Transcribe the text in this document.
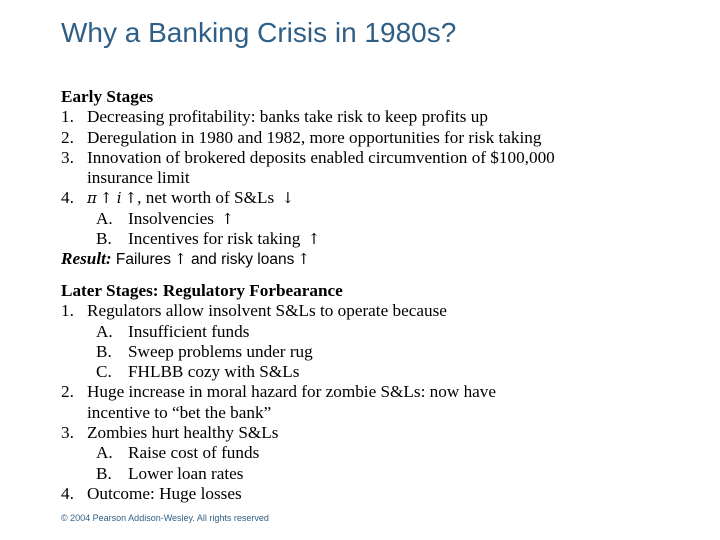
Why a Banking Crisis in 1980s?
Early Stages
1. Decreasing profitability: banks take risk to keep profits up
2. Deregulation in 1980 and 1982, more opportunities for risk taking
3. Innovation of brokered deposits enabled circumvention of $100,000
insurance limit
4. π ↑ i ↑, net worth of S&Ls ↓
A. Insolvencies ↑
B. Incentives for risk taking ↑
Result: Failures ↑ and risky loans ↑
Later Stages: Regulatory Forbearance
1. Regulators allow insolvent S&Ls to operate because
A. Insufficient funds
B. Sweep problems under rug
C. FHLBB cozy with S&Ls
2. Huge increase in moral hazard for zombie S&Ls: now have
incentive to “bet the bank”
3. Zombies hurt healthy S&Ls
A. Raise cost of funds
B. Lower loan rates
4. Outcome: Huge losses
© 2004 Pearson Addison-Wesley. All rights reserved
